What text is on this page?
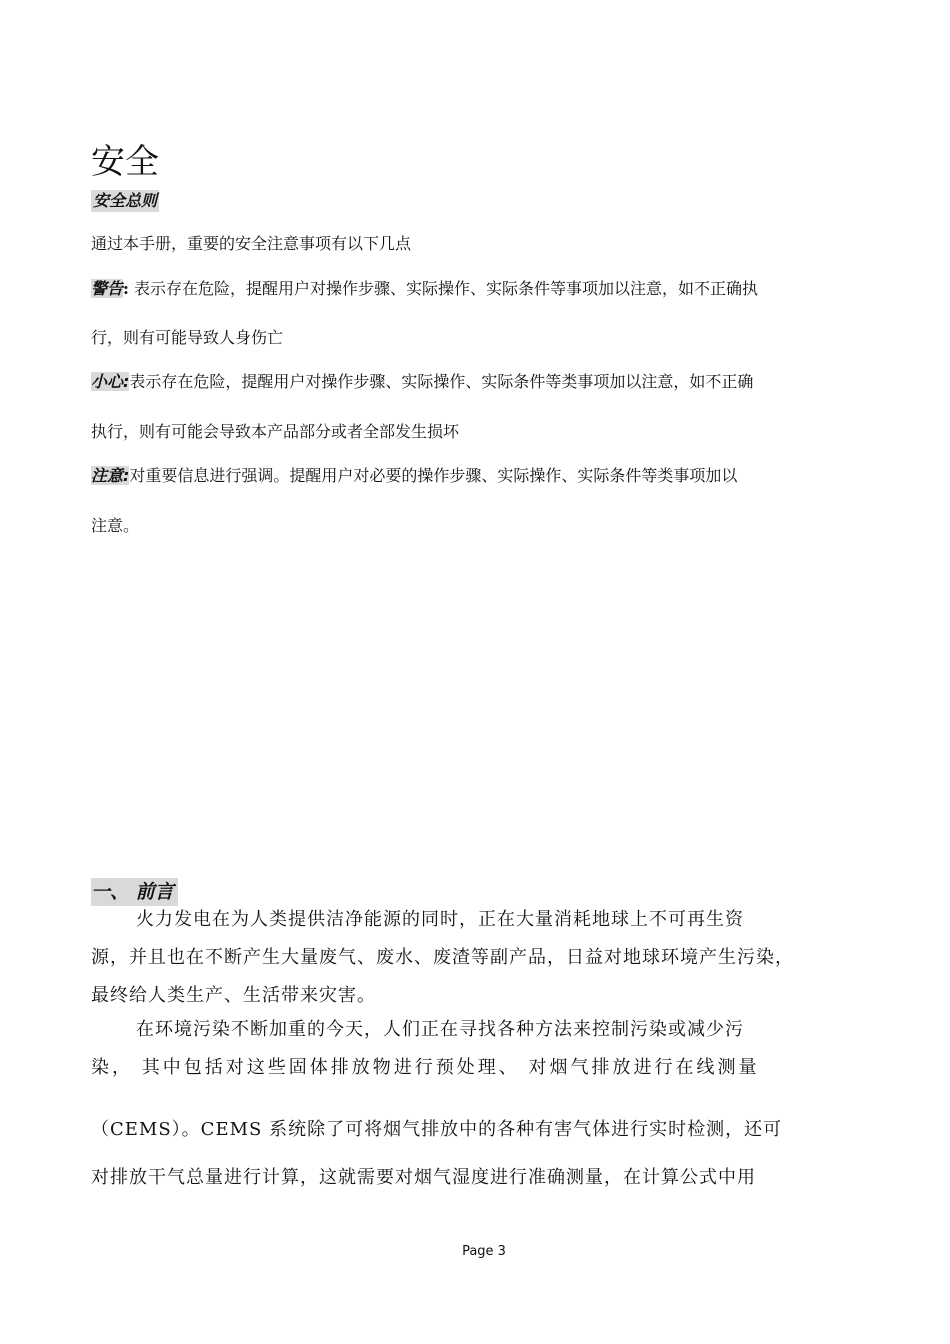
安全
安全总则
通过本手册，重要的安全注意事项有以下几点
警告: 表示存在危险，提醒用户对操作步骤、实际操作、实际条件等事项加以注意，如不正确执
行，则有可能导致人身伤亡
小心:表示存在危险，提醒用户对操作步骤、实际操作、实际条件等类事项加以注意，如不正确
执行，则有可能会导致本产品部分或者全部发生损坏
注意:对重要信息进行强调。提醒用户对必要的操作步骤、实际操作、实际条件等类事项加以
注意。
一、 前言
火力发电在为人类提供洁净能源的同时，正在大量消耗地球上不可再生资
源，并且也在不断产生大量废气、废水、废渣等副产品，日益对地球环境产生污染，
最终给人类生产、生活带来灾害。
在环境污染不断加重的今天，人们正在寻找各种方法来控制污染或减少污
染， 其中包括对这些固体排放物进行预处理、 对烟气排放进行在线测量
（CEMS）。CEMS 系统除了可将烟气排放中的各种有害气体进行实时检测，还可
对排放干气总量进行计算，这就需要对烟气湿度进行准确测量，在计算公式中用
Page 3
